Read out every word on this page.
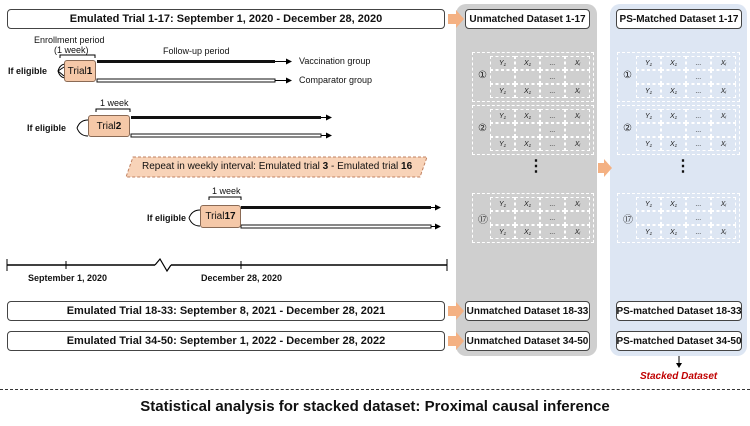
Emulated Trial 1-17: September 1, 2020 - December 28, 2020
Emulated Trial 18-33: September 8, 2021 - December 28, 2021
Emulated Trial 34-50: September 1, 2022 - December 28, 2022
Unmatched Dataset 1-17	PS-Matched Dataset 1-17
Unmatched Dataset 18-33	PS-matched Dataset 18-33
Unmatched Dataset 34-50	PS-matched Dataset 34-50
Enrollment period
(1 week)	Follow-up period
If eligible Trial 1
Vaccination group
Comparator group
1 week
If eligible	Trial 2
Repeat in weekly interval: Emulated trial 3 - Emulated trial 16
1 week
If eligible Trial 17
September 1, 2020	December 28, 2020
①
Y₁	X₁	...	Xᵢ
...
Y₁	X₁	...	Xᵢ
②
Y₁	X₁	...	Xᵢ
...
Y₁	X₁	...	Xᵢ
⑰
Y₁	X₁	...	Xᵢ
...
Y₁	X₁	...	Xᵢ
①
Y₁	X₁	...	Xᵢ
...
Y₁	X₁	...	Xᵢ
②
Y₁	X₁	...	Xᵢ
...
Y₁	X₁	...	Xᵢ
⑰
Y₁	X₁	...	Xᵢ
...
Y₁	X₁	...	Xᵢ
⋮	⋮
Stacked Dataset
Statistical analysis for stacked dataset: Proximal causal inference
